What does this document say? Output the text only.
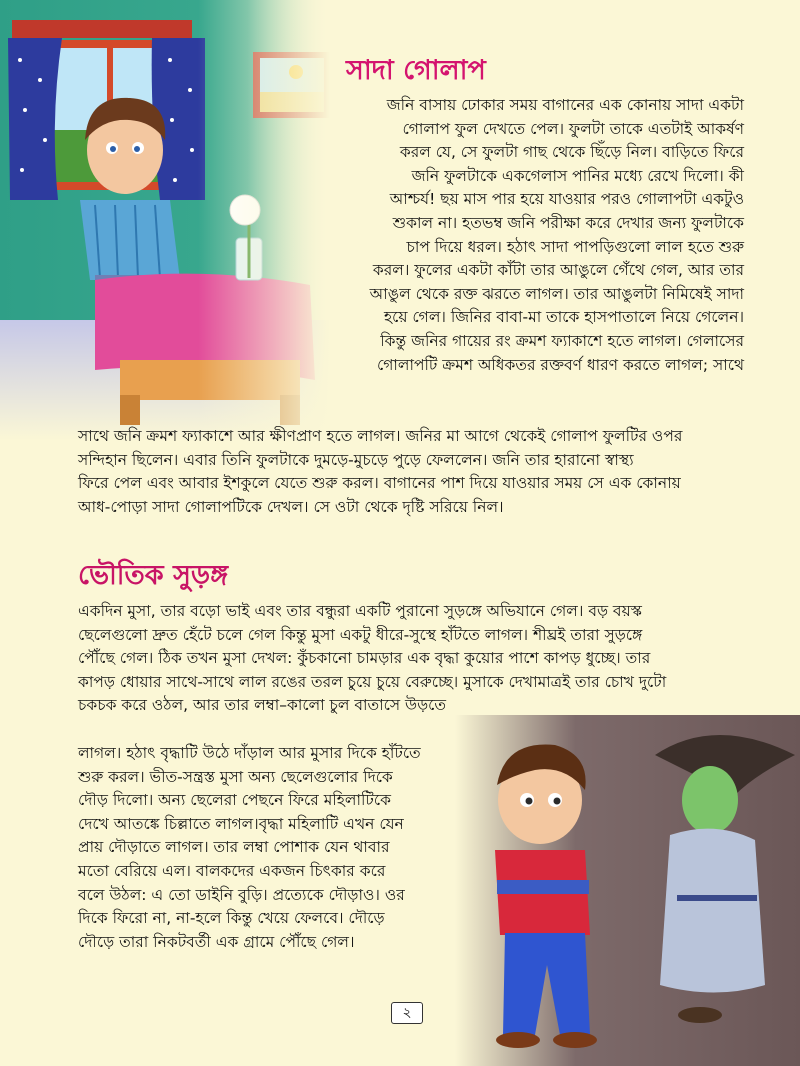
সাদা গোলাপ

জনি বাসায় ঢোকার সময় বাগানের এক কোনায় সাদা একটা

গোলাপ ফুল দেখতে পেল। ফুলটা তাকে এতটাই আকর্ষণ

করল যে, সে ফুলটা গাছ থেকে ছিঁড়ে নিল। বাড়িতে ফিরে

জনি ফুলটাকে একগেলাস পানির মধ্যে রেখে দিলো। কী

আশ্চর্য! ছয় মাস পার হয়ে যাওয়ার পরও গোলাপটা একটুও

শুকাল না। হতভম্ব জনি পরীক্ষা করে দেখার জন্য ফুলটাকে

চাপ দিয়ে ধরল। হঠাৎ সাদা পাপড়িগুলো লাল হতে শুরু

করল। ফুলের একটা কাঁটা তার আঙুলে গেঁথে গেল, আর তার

আঙুল থেকে রক্ত ঝরতে লাগল। তার আঙুলটা নিমিষেই সাদা

হয়ে গেল। জিনির বাবা-মা তাকে হাসপাতালে নিয়ে গেলেন।

কিন্তু জনির গায়ের রং ক্রমশ ফ্যাকাশে হতে লাগল। গেলাসের

গোলাপটি ক্রমশ অধিকতর রক্তবর্ণ ধারণ করতে লাগল; সাথে

সাথে জনি ক্রমশ ফ্যাকাশে আর ক্ষীণপ্রাণ হতে লাগল। জনির মা আগে থেকেই গোলাপ ফুলটির ওপর

সন্দিহান ছিলেন। এবার তিনি ফুলটাকে দুমড়ে-মুচড়ে পুড়ে ফেললেন। জনি তার হারানো স্বাস্থ্য

ফিরে পেল এবং আবার ইশকুলে যেতে শুরু করল। বাগানের পাশ দিয়ে যাওয়ার সময় সে এক কোনায়

আধ-পোড়া সাদা গোলাপটিকে দেখল। সে ওটা থেকে দৃষ্টি সরিয়ে নিল।

ভৌতিক সুড়ঙ্গ

একদিন মুসা, তার বড়ো ভাই এবং তার বন্ধুরা একটি পুরানো সুড়ঙ্গে অভিযানে গেল। বড় বয়স্ক

ছেলেগুলো দ্রুত হেঁটে চলে গেল কিন্তু মুসা একটু ধীরে-সুস্থে হাঁটতে লাগল। শীঘ্রই তারা সুড়ঙ্গে

পৌঁছে গেল। ঠিক তখন মুসা দেখল: কুঁচকানো চামড়ার এক বৃদ্ধা কুয়োর পাশে কাপড় ধুচ্ছে। তার

কাপড় ধোয়ার সাথে-সাথে লাল রঙের তরল চুয়ে চুয়ে বেরুচ্ছে। মুসাকে দেখামাত্রই তার চোখ দুটো

চকচক করে ওঠল, আর তার লম্বা–কালো চুল বাতাসে উড়তে

লাগল। হঠাৎ বৃদ্ধাটি উঠে দাঁড়াল আর মুসার দিকে হাঁটতে

শুরু করল। ভীত-সন্ত্রস্ত মুসা অন্য ছেলেগুলোর দিকে

দৌড় দিলো। অন্য ছেলেরা পেছনে ফিরে মহিলাটিকে

দেখে আতঙ্কে চিল্লাতে লাগল।বৃদ্ধা মহিলাটি এখন যেন

প্রায় দৌড়াতে লাগল। তার লম্বা পোশাক যেন থাবার

মতো বেরিয়ে এল। বালকদের একজন চিৎকার করে

বলে উঠল: এ তো ডাইনি বুড়ি। প্রত্যেকে দৌড়াও। ওর

দিকে ফিরো না, না-হলে কিন্তু খেয়ে ফেলবে। দৌড়ে

দৌড়ে তারা নিকটবর্তী এক গ্রামে পৌঁছে গেল।

২
